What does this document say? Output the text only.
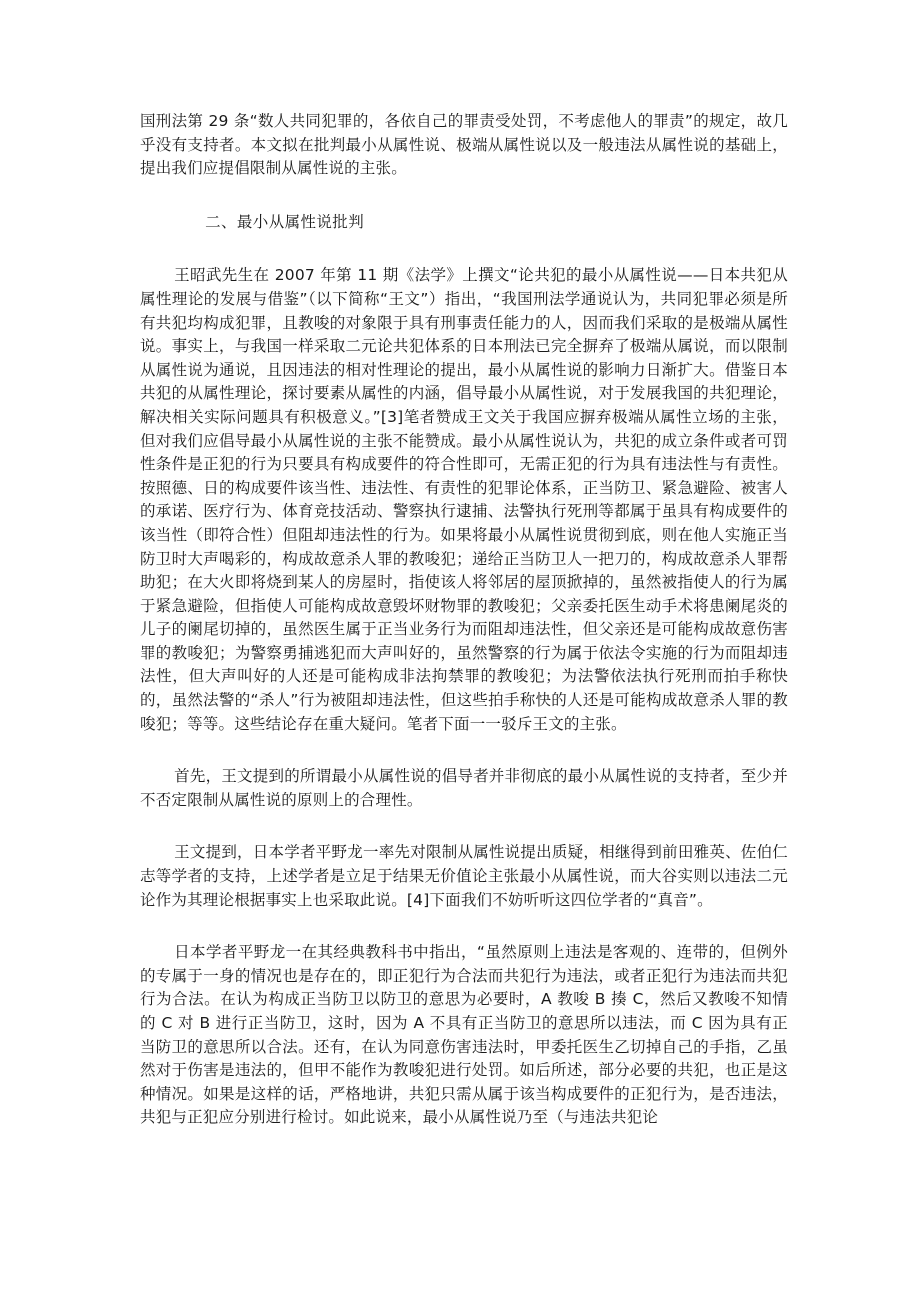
国刑法第 29 条“数人共同犯罪的，各依自己的罪责受处罚，不考虑他人的罪责”的规定，故几乎没有支持者。本文拟在批判最小从属性说、极端从属性说以及一般违法从属性说的基础上，提出我们应提倡限制从属性说的主张。

二、最小从属性说批判

王昭武先生在 2007 年第 11 期《法学》上撰文“论共犯的最小从属性说——日本共犯从属性理论的发展与借鉴”（以下简称“王文”）指出，“我国刑法学通说认为，共同犯罪必须是所有共犯均构成犯罪，且教唆的对象限于具有刑事责任能力的人，因而我们采取的是极端从属性说。事实上，与我国一样采取二元论共犯体系的日本刑法已完全摒弃了极端从属说，而以限制从属性说为通说，且因违法的相对性理论的提出，最小从属性说的影响力日渐扩大。借鉴日本共犯的从属性理论，探讨要素从属性的内涵，倡导最小从属性说，对于发展我国的共犯理论，解决相关实际问题具有积极意义。”[3]笔者赞成王文关于我国应摒弃极端从属性立场的主张，但对我们应倡导最小从属性说的主张不能赞成。最小从属性说认为，共犯的成立条件或者可罚性条件是正犯的行为只要具有构成要件的符合性即可，无需正犯的行为具有违法性与有责性。按照德、日的构成要件该当性、违法性、有责性的犯罪论体系，正当防卫、紧急避险、被害人的承诺、医疗行为、体育竞技活动、警察执行逮捕、法警执行死刑等都属于虽具有构成要件的该当性（即符合性）但阻却违法性的行为。如果将最小从属性说贯彻到底，则在他人实施正当防卫时大声喝彩的，构成故意杀人罪的教唆犯；递给正当防卫人一把刀的，构成故意杀人罪帮助犯；在大火即将烧到某人的房屋时，指使该人将邻居的屋顶掀掉的，虽然被指使人的行为属于紧急避险，但指使人可能构成故意毁坏财物罪的教唆犯；父亲委托医生动手术将患阑尾炎的儿子的阑尾切掉的，虽然医生属于正当业务行为而阻却违法性，但父亲还是可能构成故意伤害罪的教唆犯；为警察勇捕逃犯而大声叫好的，虽然警察的行为属于依法令实施的行为而阻却违法性，但大声叫好的人还是可能构成非法拘禁罪的教唆犯；为法警依法执行死刑而拍手称快的，虽然法警的“杀人”行为被阻却违法性，但这些拍手称快的人还是可能构成故意杀人罪的教唆犯；等等。这些结论存在重大疑问。笔者下面一一驳斥王文的主张。

首先，王文提到的所谓最小从属性说的倡导者并非彻底的最小从属性说的支持者，至少并不否定限制从属性说的原则上的合理性。

王文提到，日本学者平野龙一率先对限制从属性说提出质疑，相继得到前田雅英、佐伯仁志等学者的支持，上述学者是立足于结果无价值论主张最小从属性说，而大谷实则以违法二元论作为其理论根据事实上也采取此说。[4]下面我们不妨听听这四位学者的“真音”。

日本学者平野龙一在其经典教科书中指出，“虽然原则上违法是客观的、连带的，但例外的专属于一身的情况也是存在的，即正犯行为合法而共犯行为违法，或者正犯行为违法而共犯行为合法。在认为构成正当防卫以防卫的意思为必要时，A 教唆 B 揍 C，然后又教唆不知情的 C 对 B 进行正当防卫，这时，因为 A 不具有正当防卫的意思所以违法，而 C 因为具有正当防卫的意思所以合法。还有，在认为同意伤害违法时，甲委托医生乙切掉自己的手指，乙虽然对于伤害是违法的，但甲不能作为教唆犯进行处罚。如后所述，部分必要的共犯，也正是这种情况。如果是这样的话，严格地讲，共犯只需从属于该当构成要件的正犯行为，是否违法，共犯与正犯应分别进行检讨。如此说来，最小从属性说乃至（与违法共犯论
